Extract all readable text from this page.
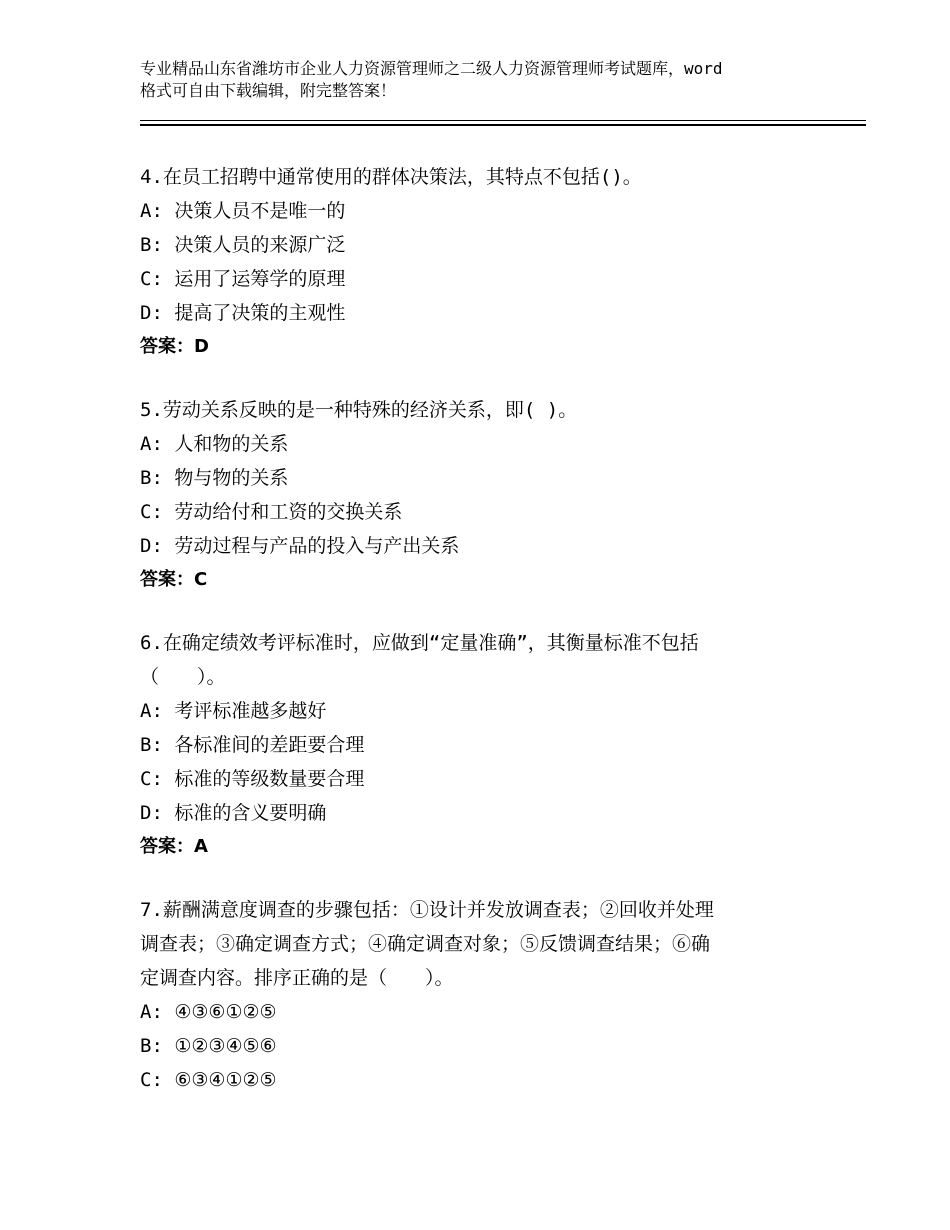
专业精品山东省潍坊市企业人力资源管理师之二级人力资源管理师考试题库，word
格式可自由下载编辑，附完整答案！
4.在员工招聘中通常使用的群体决策法，其特点不包括()。
A:
决策人员不是唯一的
B:
决策人员的来源广泛
C:
运用了运筹学的原理
D:
提高了决策的主观性
答案：D
5.劳动关系反映的是一种特殊的经济关系，即( )。
A:
人和物的关系
B:
物与物的关系
C:
劳动给付和工资的交换关系
D:
劳动过程与产品的投入与产出关系
答案：C
6.在确定绩效考评标准时，应做到“定量准确”，其衡量标准不包括
（　　）。
A:
考评标准越多越好
B:
各标准间的差距要合理
C:
标准的等级数量要合理
D:
标准的含义要明确
答案：A
7.薪酬满意度调查的步骤包括：①设计并发放调查表；②回收并处理
调查表；③确定调查方式；④确定调查对象；⑤反馈调查结果；⑥确
定调查内容。排序正确的是（　　）。
A:
④③⑥①②⑤
B:
①②③④⑤⑥
C:
⑥③④①②⑤
